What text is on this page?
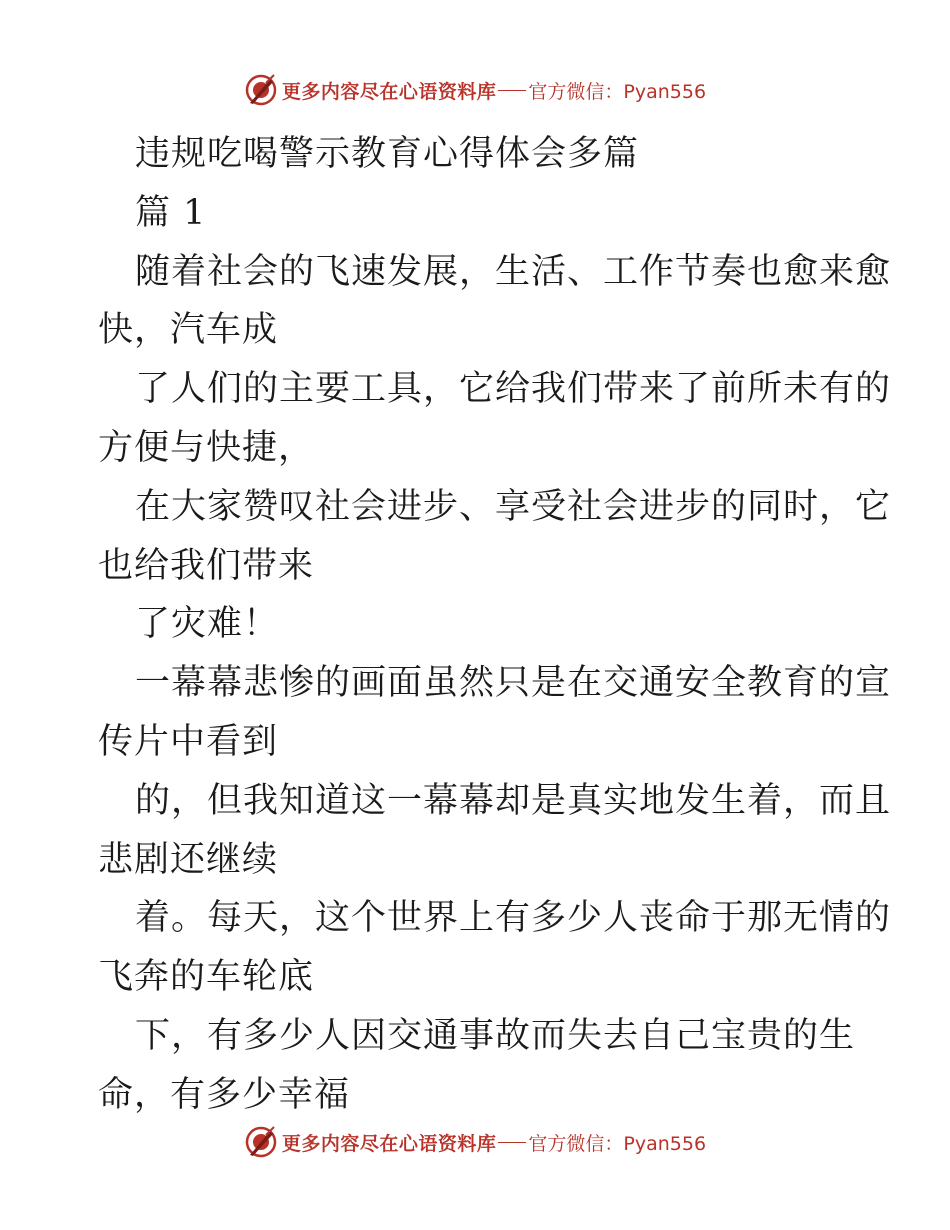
更多内容尽在心语资料库 官方微信：Pyan556
违规吃喝警示教育心得体会多篇
篇 1
随着社会的飞速发展，生活、工作节奏也愈来愈
快，汽车成
了人们的主要工具，它给我们带来了前所未有的
方便与快捷，
在大家赞叹社会进步、享受社会进步的同时，它
也给我们带来
了灾难！
一幕幕悲惨的画面虽然只是在交通安全教育的宣
传片中看到
的，但我知道这一幕幕却是真实地发生着，而且
悲剧还继续
着。每天，这个世界上有多少人丧命于那无情的
飞奔的车轮底
下，有多少人因交通事故而失去自己宝贵的生
命，有多少幸福
更多内容尽在心语资料库 官方微信：Pyan556
